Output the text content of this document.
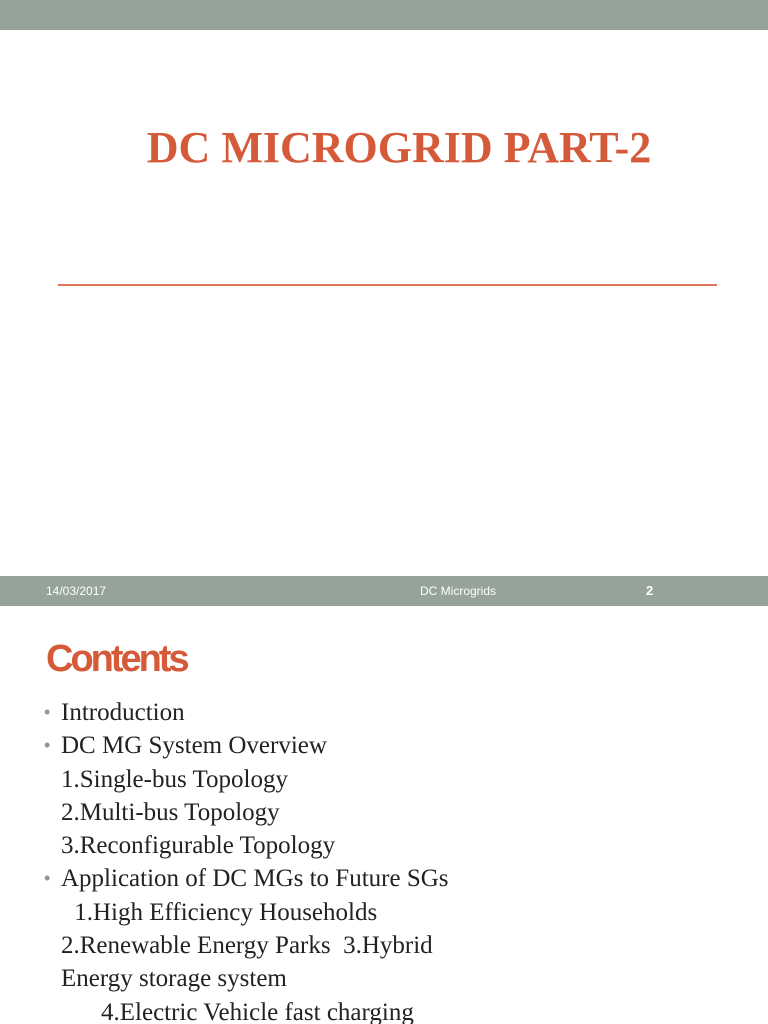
DC MICROGRID PART-2
14/03/2017	DC Microgrids	2
Contents
• Introduction
• DC MG System Overview
1.Single-bus Topology
2.Multi-bus Topology
3.Reconfigurable Topology
• Application of DC MGs to Future SGs
1.High Efficiency Households
2.Renewable Energy Parks  3.Hybrid
Energy storage system
4.Electric Vehicle fast charging
